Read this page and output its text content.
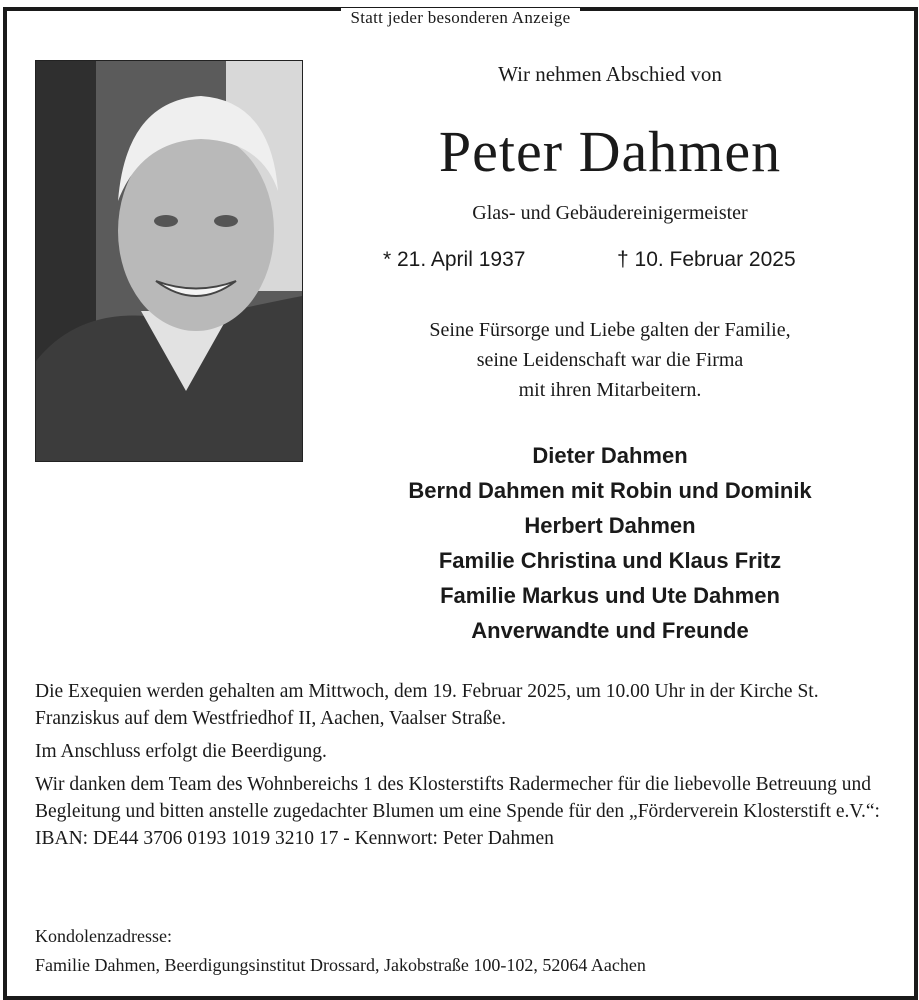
Statt jeder besonderen Anzeige
Wir nehmen Abschied von
Peter Dahmen
Glas- und Gebäudereinigermeister
* 21. April 1937	† 10. Februar 2025
Seine Fürsorge und Liebe galten der Familie,
seine Leidenschaft war die Firma
mit ihren Mitarbeitern.
Dieter Dahmen
Bernd Dahmen mit Robin und Dominik
Herbert Dahmen
Familie Christina und Klaus Fritz
Familie Markus und Ute Dahmen
Anverwandte und Freunde

Die Exequien werden gehalten am Mittwoch, dem 19. Februar 2025, um 10.00 Uhr in der Kirche St. Franziskus auf dem Westfriedhof II, Aachen, Vaalser Straße.

Im Anschluss erfolgt die Beerdigung.

Wir danken dem Team des Wohnbereichs 1 des Klosterstifts Radermecher für die liebevolle Betreuung und Begleitung und bitten anstelle zugedachter Blumen um eine Spende für den „Förderverein Klosterstift e.V.“:

IBAN: DE44 3706 0193 1019 3210 17 - Kennwort: Peter Dahmen

Kondolenzadresse:

Familie Dahmen, Beerdigungsinstitut Drossard, Jakobstraße 100-102, 52064 Aachen
